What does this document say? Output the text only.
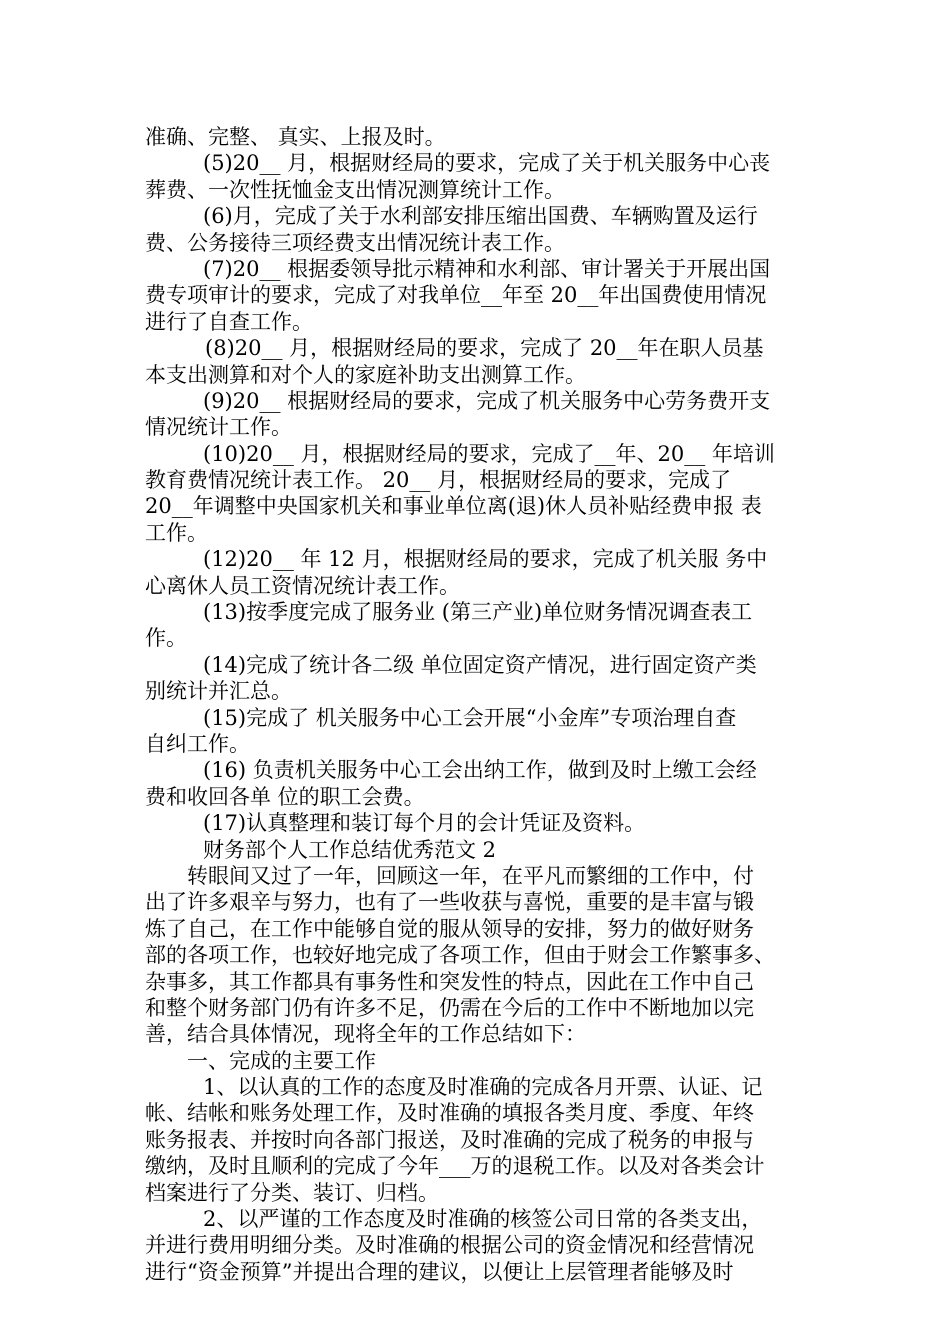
准确、完整、 真实、上报及时。
(5)20__ 月，根据财经局的要求，完成了关于机关服务中心丧
葬费、一次性抚恤金支出情况测算统计工作。
(6)月，完成了关于水利部安排压缩出国费、车辆购置及运行
费、公务接待三项经费支出情况统计表工作。
(7)20__ 根据委领导批示精神和水利部、审计署关于开展出国
费专项审计的要求，完成了对我单位__年至 20__年出国费使用情况
进行了自查工作。
(8)20__ 月，根据财经局的要求，完成了 20__年在职人员基
本支出测算和对个人的家庭补助支出测算工作。
(9)20__ 根据财经局的要求，完成了机关服务中心劳务费开支
情况统计工作。
(10)20__ 月，根据财经局的要求，完成了__年、20__ 年培训
教育费情况统计表工作。 20__ 月，根据财经局的要求，完成了
20__年调整中央国家机关和事业单位离(退)休人员补贴经费申报 表
工作。
(12)20__ 年 12 月，根据财经局的要求，完成了机关服 务中
心离休人员工资情况统计表工作。
(13)按季度完成了服务业 (第三产业)单位财务情况调查表工
作。
(14)完成了统计各二级 单位固定资产情况，进行固定资产类
别统计并汇总。
(15)完成了 机关服务中心工会开展“小金库”专项治理自查
自纠工作。
(16) 负责机关服务中心工会出纳工作，做到及时上缴工会经
费和收回各单 位的职工会费。
(17)认真整理和装订每个月的会计凭证及资料。
财务部个人工作总结优秀范文 2
转眼间又过了一年，回顾这一年，在平凡而繁细的工作中，付
出了许多艰辛与努力，也有了一些收获与喜悦，重要的是丰富与锻
炼了自己，在工作中能够自觉的服从领导的安排，努力的做好财务
部的各项工作，也较好地完成了各项工作，但由于财会工作繁事多、
杂事多，其工作都具有事务性和突发性的特点，因此在工作中自己
和整个财务部门仍有许多不足，仍需在今后的工作中不断地加以完
善，结合具体情况，现将全年的工作总结如下：
一、完成的主要工作
1、以认真的工作的态度及时准确的完成各月开票、认证、记
帐、结帐和账务处理工作，及时准确的填报各类月度、季度、年终
账务报表、并按时向各部门报送，及时准确的完成了税务的申报与
缴纳，及时且顺利的完成了今年___万的退税工作。以及对各类会计
档案进行了分类、装订、归档。
2、以严谨的工作态度及时准确的核签公司日常的各类支出，
并进行费用明细分类。及时准确的根据公司的资金情况和经营情况
进行“资金预算”并提出合理的建议，以便让上层管理者能够及时
